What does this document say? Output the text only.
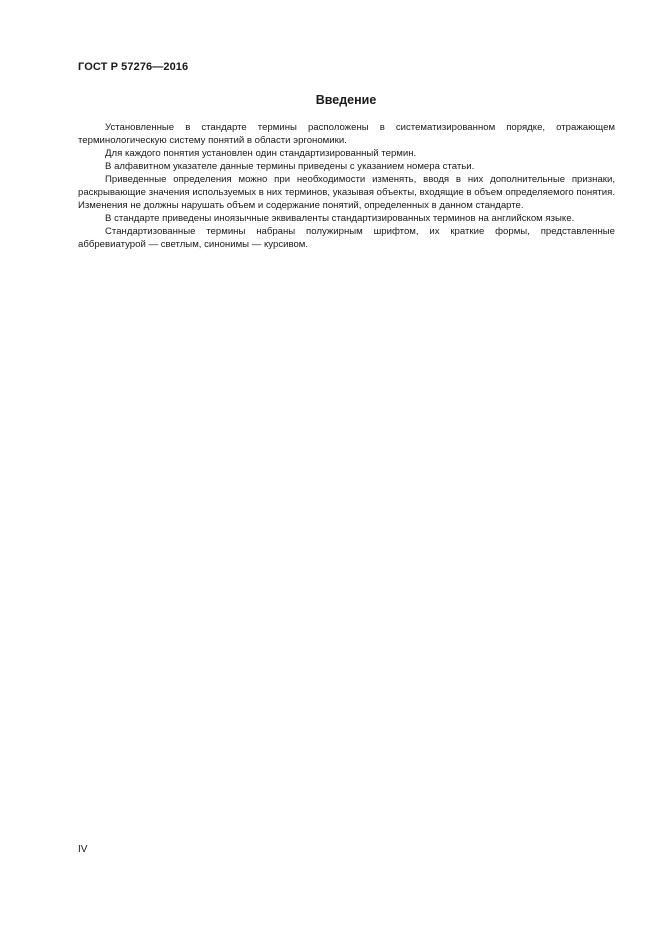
ГОСТ Р 57276—2016
Введение

Установленные в стандарте термины расположены в систематизированном порядке, отражающем терминологическую систему понятий в области эргономики.

Для каждого понятия установлен один стандартизированный термин.

В алфавитном указателе данные термины приведены с указанием номера статьи.

Приведенные определения можно при необходимости изменять, вводя в них дополнительные признаки, раскрывающие значения используемых в них терминов, указывая объекты, входящие в объем определяемого понятия. Изменения не должны нарушать объем и содержание понятий, определенных в данном стандарте.

В стандарте приведены иноязычные эквиваленты стандартизированных терминов на английском языке.

Стандартизованные термины набраны полужирным шрифтом, их краткие формы, представленные аббревиатурой — светлым, синонимы — курсивом.

IV
